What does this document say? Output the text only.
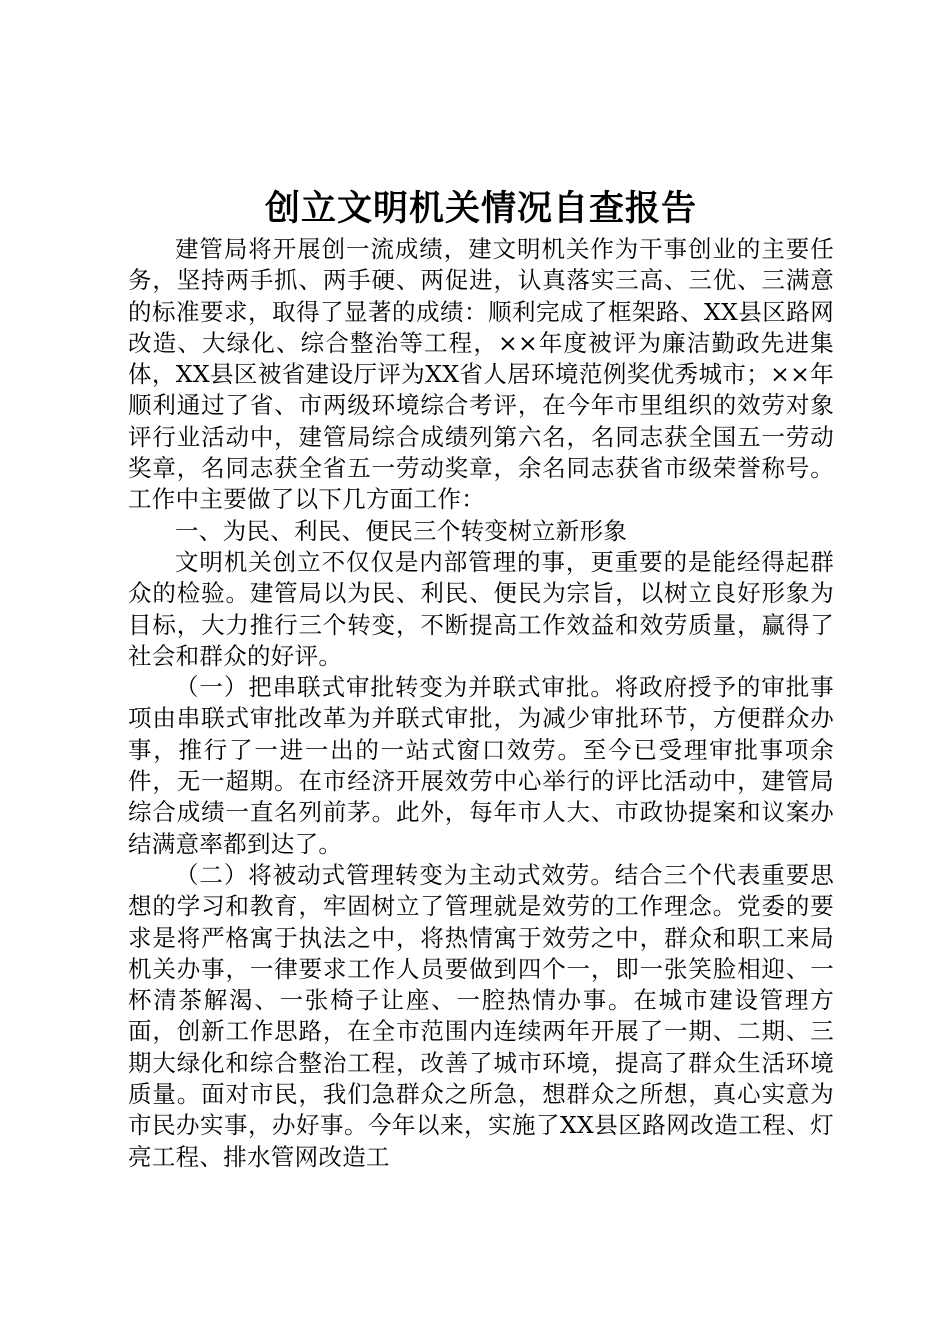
创立文明机关情况自查报告

建管局将开展创一流成绩，建文明机关作为干事创业的主要任务，坚持两手抓、两手硬、两促进，认真落实三高、三优、三满意的标准要求，取得了显著的成绩：顺利完成了框架路、XX县区路网改造、大绿化、综合整治等工程，××年度被评为廉洁勤政先进集体，XX县区被省建设厅评为XX省人居环境范例奖优秀城市；××年顺利通过了省、市两级环境综合考评，在今年市里组织的效劳对象评行业活动中，建管局综合成绩列第六名，名同志获全国五一劳动奖章，名同志获全省五一劳动奖章，余名同志获省市级荣誉称号。工作中主要做了以下几方面工作：

一、为民、利民、便民三个转变树立新形象

文明机关创立不仅仅是内部管理的事，更重要的是能经得起群众的检验。建管局以为民、利民、便民为宗旨，以树立良好形象为目标，大力推行三个转变，不断提高工作效益和效劳质量，赢得了社会和群众的好评。

（一）把串联式审批转变为并联式审批。将政府授予的审批事项由串联式审批改革为并联式审批，为减少审批环节，方便群众办事，推行了一进一出的一站式窗口效劳。至今已受理审批事项余件，无一超期。在市经济开展效劳中心举行的评比活动中，建管局综合成绩一直名列前茅。此外，每年市人大、市政协提案和议案办结满意率都到达了。

（二）将被动式管理转变为主动式效劳。结合三个代表重要思想的学习和教育，牢固树立了管理就是效劳的工作理念。党委的要求是将严格寓于执法之中，将热情寓于效劳之中，群众和职工来局机关办事，一律要求工作人员要做到四个一，即一张笑脸相迎、一杯清茶解渴、一张椅子让座、一腔热情办事。在城市建设管理方面，创新工作思路，在全市范围内连续两年开展了一期、二期、三期大绿化和综合整治工程，改善了城市环境，提高了群众生活环境质量。面对市民，我们急群众之所急，想群众之所想，真心实意为市民办实事，办好事。今年以来，实施了XX县区路网改造工程、灯亮工程、排水管网改造工
